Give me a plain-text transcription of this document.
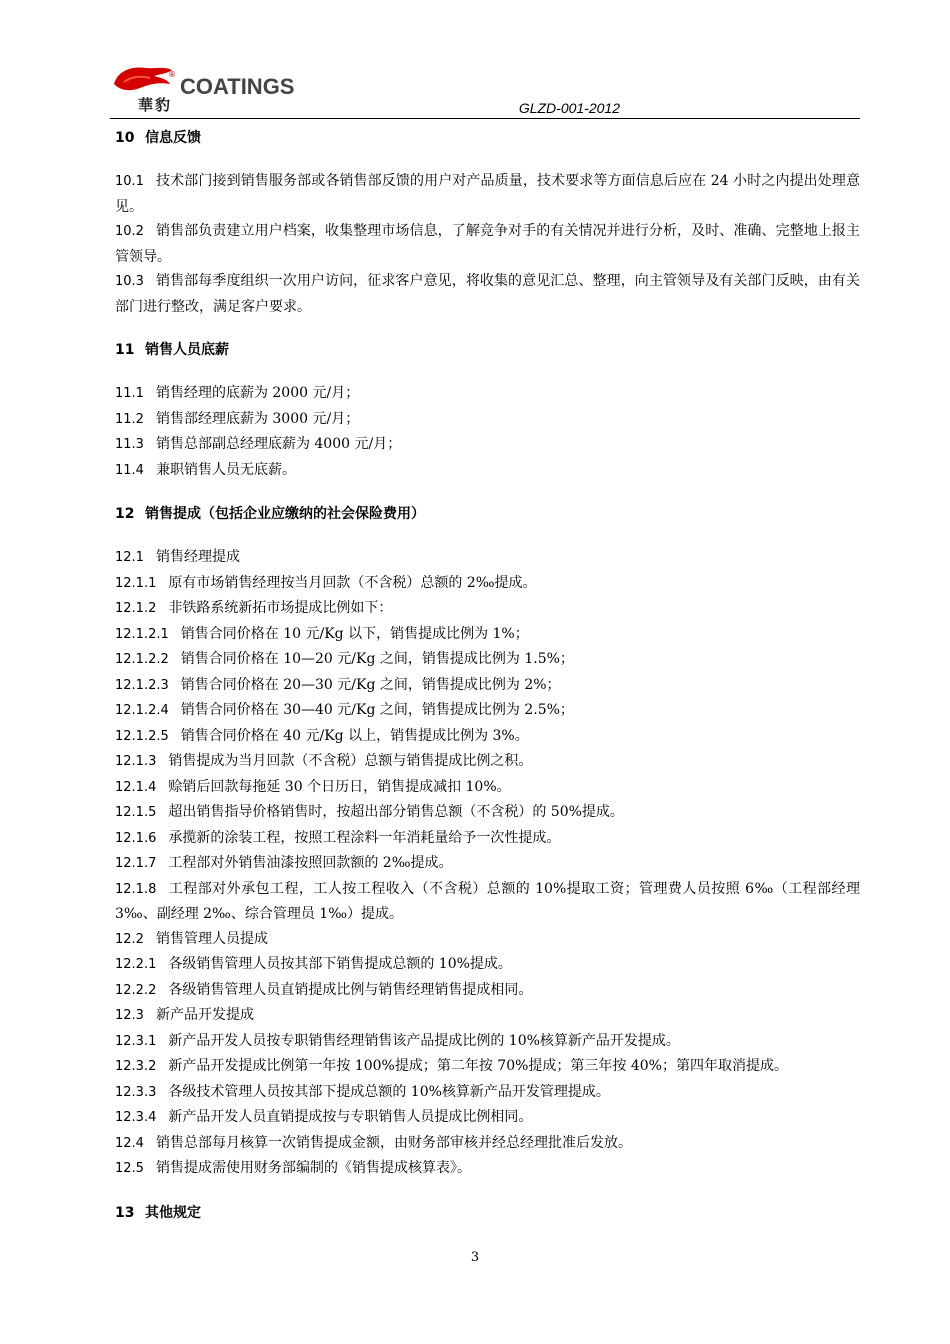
® COATINGS
華豹	GLZD-001-2012

10 信息反馈

10.1 技术部门接到销售服务部或各销售部反馈的用户对产品质量，技术要求等方面信息后应在 24 小时之内提出处理意见。

10.2 销售部负责建立用户档案，收集整理市场信息，了解竞争对手的有关情况并进行分析，及时、准确、完整地上报主管领导。

10.3 销售部每季度组织一次用户访问，征求客户意见，将收集的意见汇总、整理，向主管领导及有关部门反映，由有关部门进行整改，满足客户要求。

11 销售人员底薪

11.1 销售经理的底薪为 2000 元/月；

11.2 销售部经理底薪为 3000 元/月；

11.3 销售总部副总经理底薪为 4000 元/月；

11.4 兼职销售人员无底薪。

12 销售提成（包括企业应缴纳的社会保险费用）

12.1 销售经理提成

12.1.1 原有市场销售经理按当月回款（不含税）总额的 2‰提成。

12.1.2 非铁路系统新拓市场提成比例如下：

12.1.2.1 销售合同价格在 10 元/Kg 以下，销售提成比例为 1%；

12.1.2.2 销售合同价格在 10—20 元/Kg 之间，销售提成比例为 1.5%；

12.1.2.3 销售合同价格在 20—30 元/Kg 之间，销售提成比例为 2%；

12.1.2.4 销售合同价格在 30—40 元/Kg 之间，销售提成比例为 2.5%；

12.1.2.5 销售合同价格在 40 元/Kg 以上，销售提成比例为 3%。

12.1.3 销售提成为当月回款（不含税）总额与销售提成比例之积。

12.1.4 赊销后回款每拖延 30 个日历日，销售提成减扣 10%。

12.1.5 超出销售指导价格销售时，按超出部分销售总额（不含税）的 50%提成。

12.1.6 承揽新的涂装工程，按照工程涂料一年消耗量给予一次性提成。

12.1.7 工程部对外销售油漆按照回款额的 2‰提成。

12.1.8 工程部对外承包工程，工人按工程收入（不含税）总额的 10%提取工资；管理费人员按照 6‰（工程部经理 3‰、副经理 2‰、综合管理员 1‰）提成。

12.2 销售管理人员提成

12.2.1 各级销售管理人员按其部下销售提成总额的 10%提成。

12.2.2 各级销售管理人员直销提成比例与销售经理销售提成相同。

12.3 新产品开发提成

12.3.1 新产品开发人员按专职销售经理销售该产品提成比例的 10%核算新产品开发提成。

12.3.2 新产品开发提成比例第一年按 100%提成；第二年按 70%提成；第三年按 40%；第四年取消提成。

12.3.3 各级技术管理人员按其部下提成总额的 10%核算新产品开发管理提成。

12.3.4 新产品开发人员直销提成按与专职销售人员提成比例相同。

12.4 销售总部每月核算一次销售提成金额，由财务部审核并经总经理批准后发放。

12.5 销售提成需使用财务部编制的《销售提成核算表》。

13 其他规定

3
